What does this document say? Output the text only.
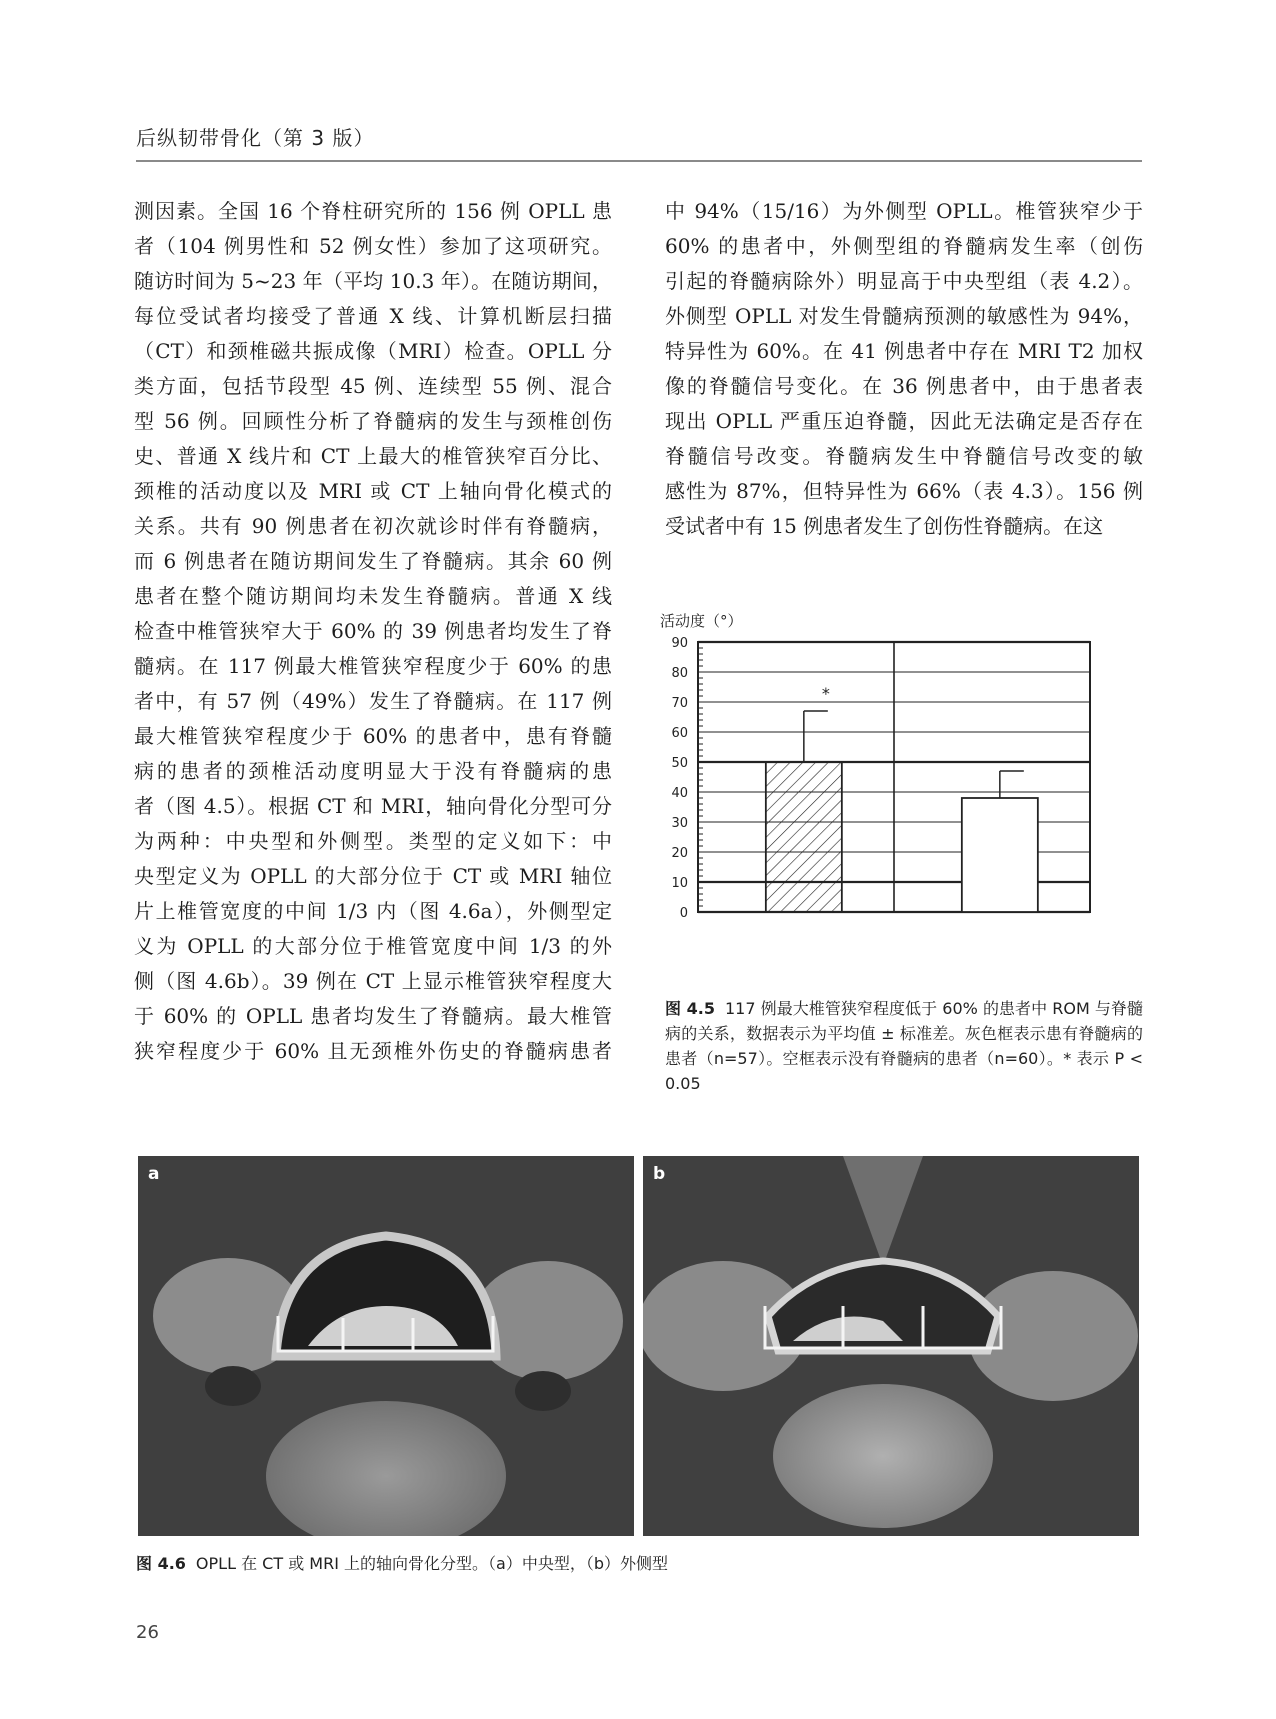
后纵韧带骨化（第 3 版）
测因素。全国 16 个脊柱研究所的 156 例 OPLL 患
者（104 例男性和 52 例女性）参加了这项研究。
随访时间为 5~23 年（平均 10.3 年）。在随访期间，
每位受试者均接受了普通 X 线、计算机断层扫描
（CT）和颈椎磁共振成像（MRI）检查。OPLL 分
类方面，包括节段型 45 例、连续型 55 例、混合
型 56 例。回顾性分析了脊髓病的发生与颈椎创伤
史、普通 X 线片和 CT 上最大的椎管狭窄百分比、
颈椎的活动度以及 MRI 或 CT 上轴向骨化模式的
关系。共有 90 例患者在初次就诊时伴有脊髓病，
而 6 例患者在随访期间发生了脊髓病。其余 60 例
患者在整个随访期间均未发生脊髓病。普通 X 线
检查中椎管狭窄大于 60% 的 39 例患者均发生了脊
髓病。在 117 例最大椎管狭窄程度少于 60% 的患
者中，有 57 例（49%）发生了脊髓病。在 117 例
最大椎管狭窄程度少于 60% 的患者中，患有脊髓
病的患者的颈椎活动度明显大于没有脊髓病的患
者（图 4.5）。根据 CT 和 MRI，轴向骨化分型可分
为两种：中央型和外侧型。类型的定义如下：中
央型定义为 OPLL 的大部分位于 CT 或 MRI 轴位
片上椎管宽度的中间 1/3 内（图 4.6a），外侧型定
义为 OPLL 的大部分位于椎管宽度中间 1/3 的外
侧（图 4.6b）。39 例在 CT 上显示椎管狭窄程度大
于 60% 的 OPLL 患者均发生了脊髓病。最大椎管
狭窄程度少于 60% 且无颈椎外伤史的脊髓病患者
中 94%（15/16）为外侧型 OPLL。椎管狭窄少于
60% 的患者中，外侧型组的脊髓病发生率（创伤
引起的脊髓病除外）明显高于中央型组（表 4.2）。
外侧型 OPLL 对发生骨髓病预测的敏感性为 94%，
特异性为 60%。在 41 例患者中存在 MRI T2 加权
像的脊髓信号变化。在 36 例患者中，由于患者表
现出 OPLL 严重压迫脊髓，因此无法确定是否存在
脊髓信号改变。脊髓病发生中脊髓信号改变的敏
感性为 87%，但特异性为 66%（表 4.3）。156 例
受试者中有 15 例患者发生了创伤性脊髓病。在这
活动度（°）
0
10
20
30
40
50
60
70
80
90
*
图 4.5 117 例最大椎管狭窄程度低于 60% 的患者中 ROM 与脊髓病的关系，数据表示为平均值 ± 标准差。灰色框表示患有脊髓病的患者（n=57）。空框表示没有脊髓病的患者（n=60）。* 表示 P < 0.05
a	b
图 4.6 OPLL 在 CT 或 MRI 上的轴向骨化分型。（a）中央型，（b）外侧型
26
